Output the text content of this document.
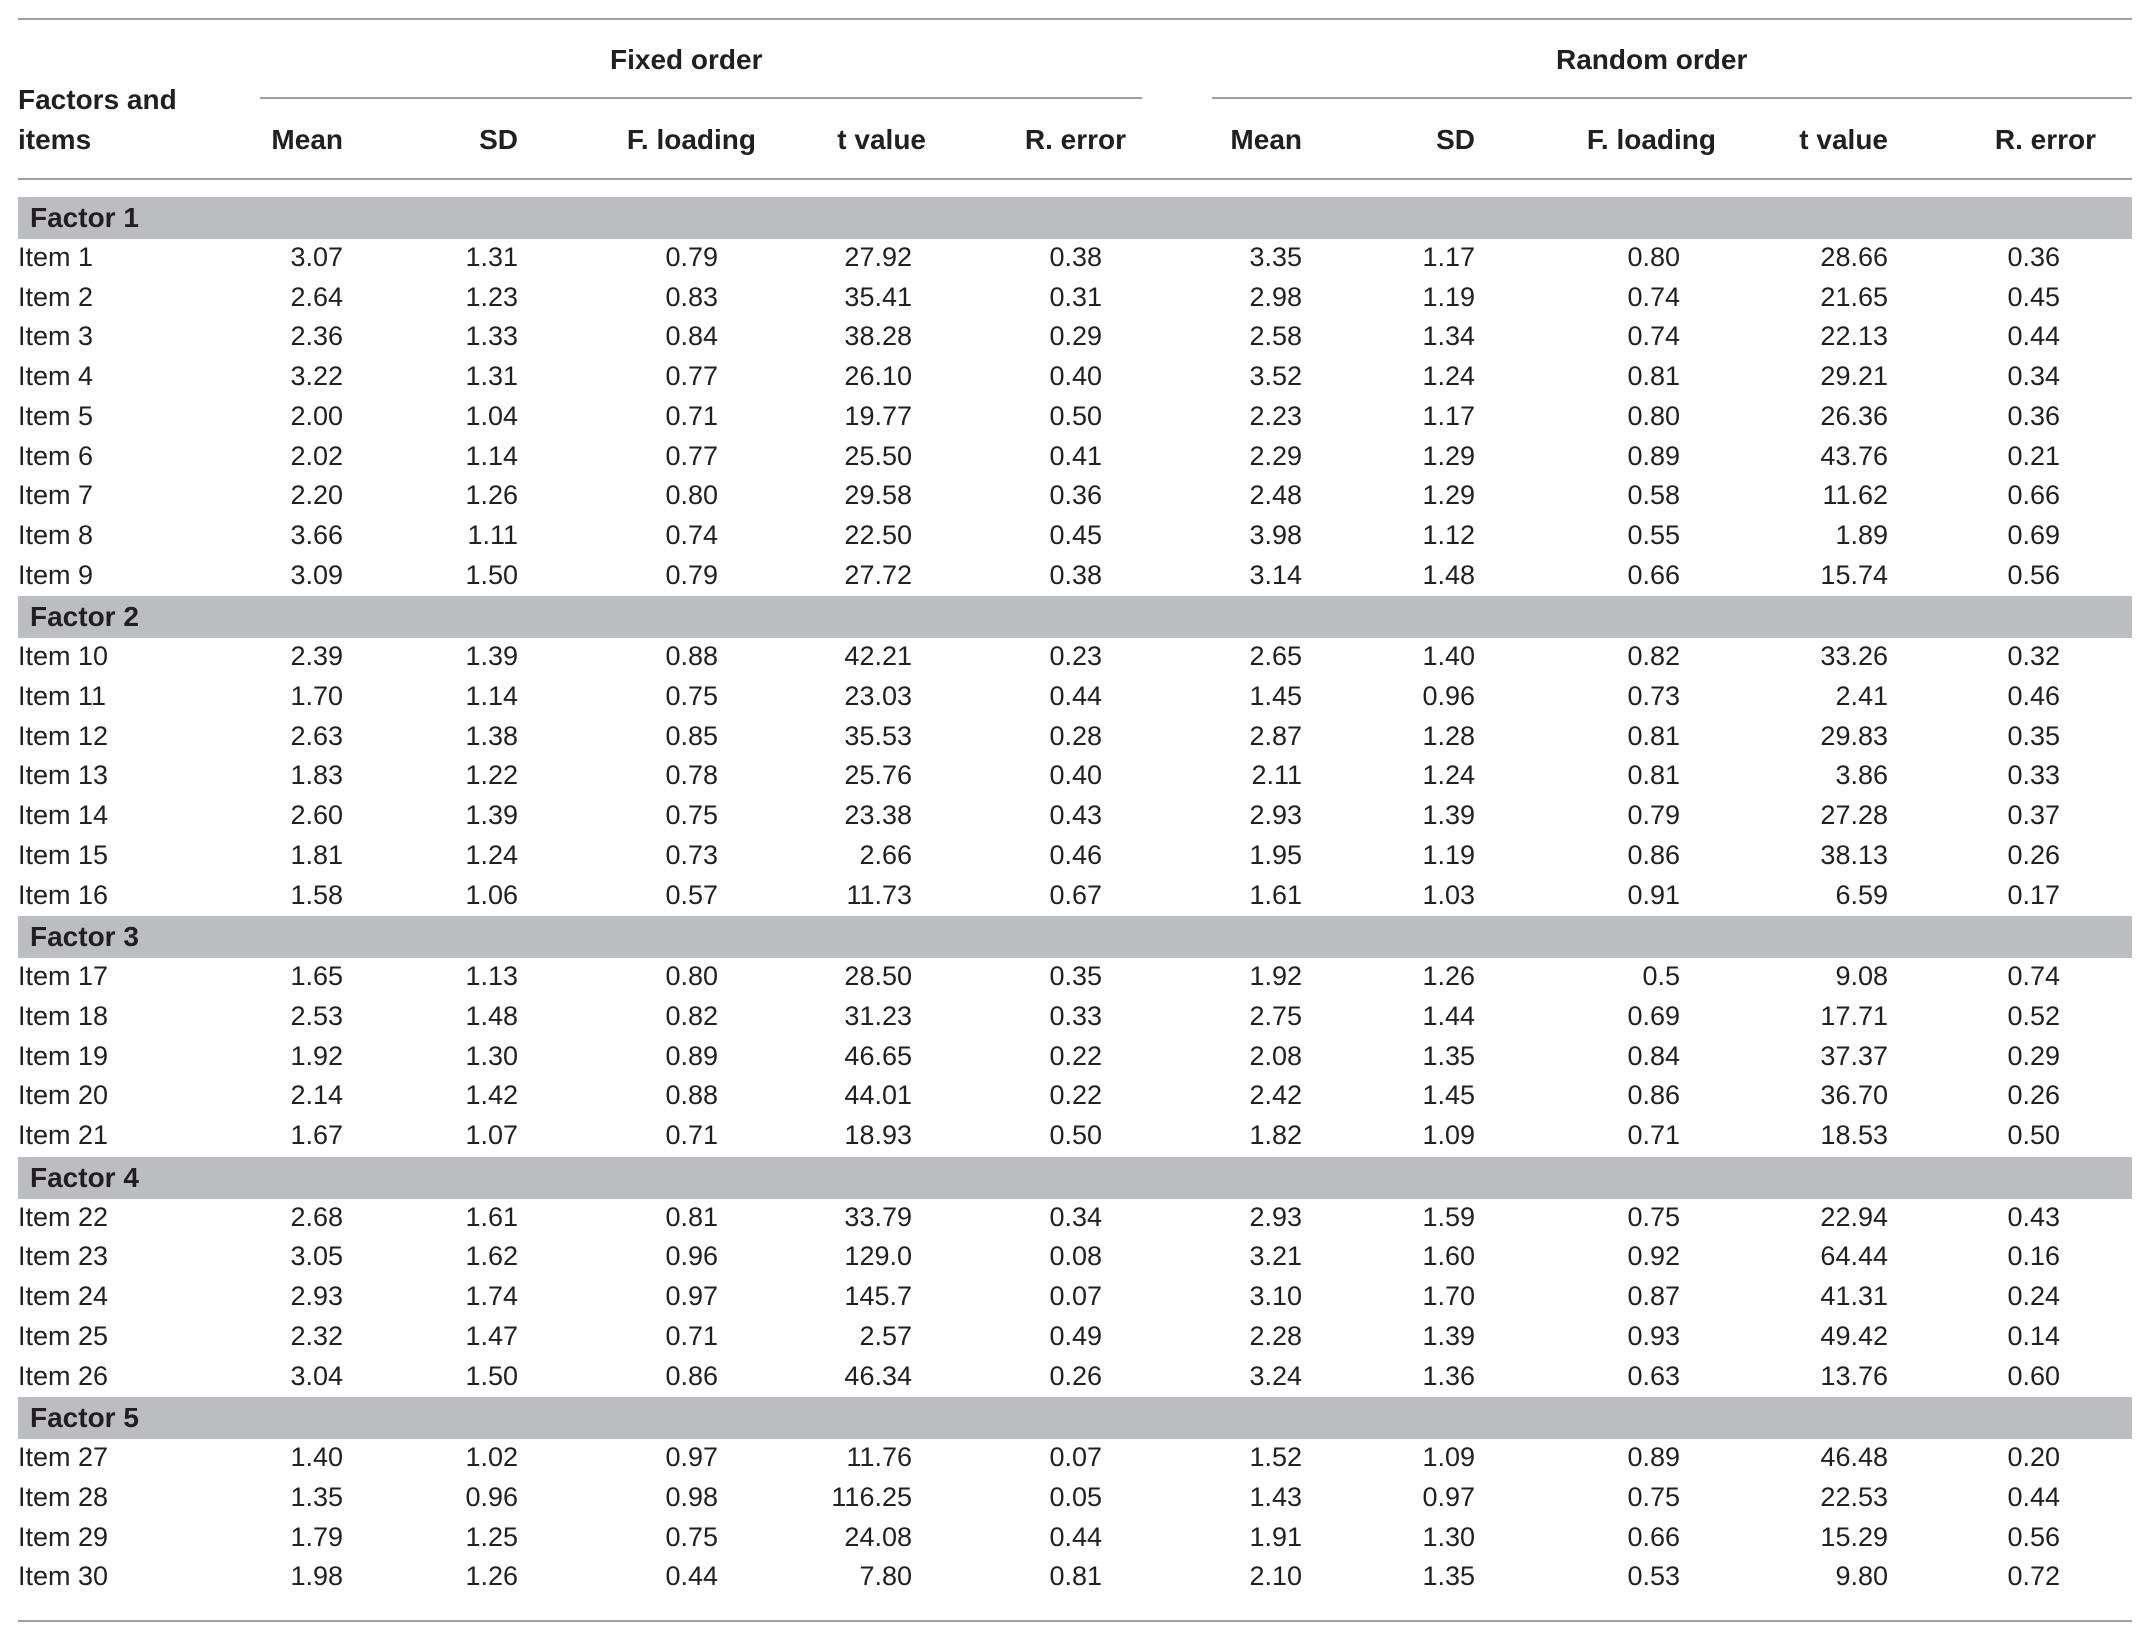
Fixed order	Random order
Factors and
items	Mean	SD	F. loading	t value	R. error	Mean	SD	F. loading	t value	R. error
Factor 1
Item 1	3.07	1.31	0.79	27.92	0.38	3.35	1.17	0.80	28.66	0.36
Item 2	2.64	1.23	0.83	35.41	0.31	2.98	1.19	0.74	21.65	0.45
Item 3	2.36	1.33	0.84	38.28	0.29	2.58	1.34	0.74	22.13	0.44
Item 4	3.22	1.31	0.77	26.10	0.40	3.52	1.24	0.81	29.21	0.34
Item 5	2.00	1.04	0.71	19.77	0.50	2.23	1.17	0.80	26.36	0.36
Item 6	2.02	1.14	0.77	25.50	0.41	2.29	1.29	0.89	43.76	0.21
Item 7	2.20	1.26	0.80	29.58	0.36	2.48	1.29	0.58	11.62	0.66
Item 8	3.66	1.11	0.74	22.50	0.45	3.98	1.12	0.55	1.89	0.69
Item 9	3.09	1.50	0.79	27.72	0.38	3.14	1.48	0.66	15.74	0.56
Factor 2
Item 10	2.39	1.39	0.88	42.21	0.23	2.65	1.40	0.82	33.26	0.32
Item 11	1.70	1.14	0.75	23.03	0.44	1.45	0.96	0.73	2.41	0.46
Item 12	2.63	1.38	0.85	35.53	0.28	2.87	1.28	0.81	29.83	0.35
Item 13	1.83	1.22	0.78	25.76	0.40	2.11	1.24	0.81	3.86	0.33
Item 14	2.60	1.39	0.75	23.38	0.43	2.93	1.39	0.79	27.28	0.37
Item 15	1.81	1.24	0.73	2.66	0.46	1.95	1.19	0.86	38.13	0.26
Item 16	1.58	1.06	0.57	11.73	0.67	1.61	1.03	0.91	6.59	0.17
Factor 3
Item 17	1.65	1.13	0.80	28.50	0.35	1.92	1.26	0.5	9.08	0.74
Item 18	2.53	1.48	0.82	31.23	0.33	2.75	1.44	0.69	17.71	0.52
Item 19	1.92	1.30	0.89	46.65	0.22	2.08	1.35	0.84	37.37	0.29
Item 20	2.14	1.42	0.88	44.01	0.22	2.42	1.45	0.86	36.70	0.26
Item 21	1.67	1.07	0.71	18.93	0.50	1.82	1.09	0.71	18.53	0.50
Factor 4
Item 22	2.68	1.61	0.81	33.79	0.34	2.93	1.59	0.75	22.94	0.43
Item 23	3.05	1.62	0.96	129.0	0.08	3.21	1.60	0.92	64.44	0.16
Item 24	2.93	1.74	0.97	145.7	0.07	3.10	1.70	0.87	41.31	0.24
Item 25	2.32	1.47	0.71	2.57	0.49	2.28	1.39	0.93	49.42	0.14
Item 26	3.04	1.50	0.86	46.34	0.26	3.24	1.36	0.63	13.76	0.60
Factor 5
Item 27	1.40	1.02	0.97	11.76	0.07	1.52	1.09	0.89	46.48	0.20
Item 28	1.35	0.96	0.98	116.25	0.05	1.43	0.97	0.75	22.53	0.44
Item 29	1.79	1.25	0.75	24.08	0.44	1.91	1.30	0.66	15.29	0.56
Item 30	1.98	1.26	0.44	7.80	0.81	2.10	1.35	0.53	9.80	0.72
